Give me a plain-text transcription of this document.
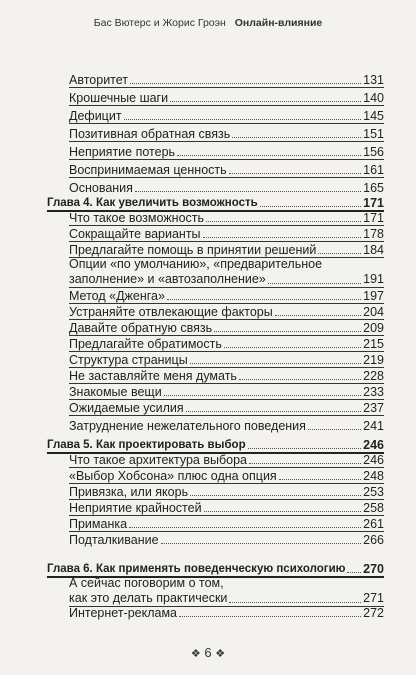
Бас Вютерс и Жорис Гроэн Онлайн-влияние
Авторитет	131
Крошечные шаги	140
Дефицит	145
Позитивная обратная связь	151
Неприятие потерь	156
Воспринимаемая ценность	161
Основания	165
Глава 4. Как увеличить возможность	171
Что такое возможность	171
Сокращайте варианты	178
Предлагайте помощь в принятии решений	184
Опции «по умолчанию», «предварительное
заполнение» и «автозаполнение»	191
Метод «Дженга»	197
Устраняйте отвлекающие факторы	204
Давайте обратную связь	209
Предлагайте обратимость	215
Структура страницы	219
Не заставляйте меня думать	228
Знакомые вещи	233
Ожидаемые усилия	237
Затруднение нежелательного поведения	241
Глава 5. Как проектировать выбор	246
Что такое архитектура выбора	246
«Выбор Хобсона» плюс одна опция	248
Привязка, или якорь	253
Неприятие крайностей	258
Приманка	261
Подталкивание	266
Глава 6. Как применять поведенческую психологию 270
А сейчас поговорим о том,
как это делать практически	271
Интернет-реклама	272
❖ 6 ❖
